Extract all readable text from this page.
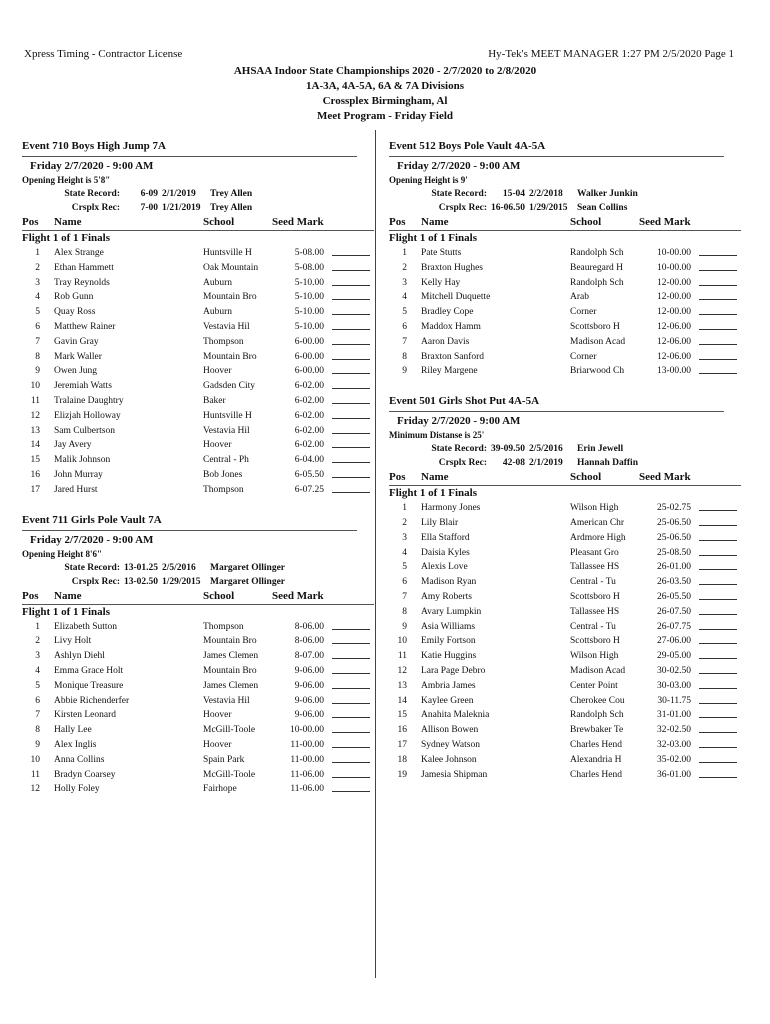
Xpress Timing - Contractor License	Hy-Tek's MEET MANAGER 1:27 PM 2/5/2020 Page 1
AHSAA Indoor State Championships 2020 - 2/7/2020 to 2/8/2020
1A-3A, 4A-5A, 6A & 7A Divisions
Crossplex Birmingham, Al
Meet Program - Friday Field
Event 710 Boys High Jump 7A
Friday 2/7/2020 - 9:00 AM
Opening Height is 5'8"
State Record:	6-09 2/1/2019 Trey Allen
Crsplx Rec:	7-00 1/21/2019 Trey Allen
Pos Name	School	Seed Mark
Flight 1 of 1 Finals
1 Alex Strange	Huntsville H	5-08.00
2 Ethan Hammett	Oak Mountain	5-08.00
3 Tray Reynolds	Auburn	5-10.00
4 Rob Gunn	Mountain Bro	5-10.00
5 Quay Ross	Auburn	5-10.00
6 Matthew Rainer	Vestavia Hil	5-10.00
7 Gavin Gray	Thompson	6-00.00
8 Mark Waller	Mountain Bro	6-00.00
9 Owen Jung	Hoover	6-00.00
10 Jeremiah Watts	Gadsden City	6-02.00
11 Tralaine Daughtry	Baker	6-02.00
12 Elizjah Holloway	Huntsville H	6-02.00
13 Sam Culbertson	Vestavia Hil	6-02.00
14 Jay Avery	Hoover	6-02.00
15 Malik Johnson	Central - Ph	6-04.00
16 John Murray	Bob Jones	6-05.50
17 Jared Hurst	Thompson	6-07.25
Event 711 Girls Pole Vault 7A
Friday 2/7/2020 - 9:00 AM
Opening Height 8'6"
State Record: 13-01.25 2/5/2016 Margaret Ollinger
Crsplx Rec: 13-02.50 1/29/2015 Margaret Ollinger
Pos Name	School	Seed Mark
Flight 1 of 1 Finals
1 Elizabeth Sutton	Thompson	8-06.00
2 Livy Holt	Mountain Bro	8-06.00
3 Ashlyn Diehl	James Clemen	8-07.00
4 Emma Grace Holt	Mountain Bro	9-06.00
5 Monique Treasure	James Clemen	9-06.00
6 Abbie Richenderfer	Vestavia Hil	9-06.00
7 Kirsten Leonard	Hoover	9-06.00
8 Hally Lee	McGill-Toole	10-00.00
9 Alex Inglis	Hoover	11-00.00
10 Anna Collins	Spain Park	11-00.00
11 Bradyn Coarsey	McGill-Toole	11-06.00
12 Holly Foley	Fairhope	11-06.00
Event 512 Boys Pole Vault 4A-5A
Friday 2/7/2020 - 9:00 AM
Opening Height is 9'
State Record:	15-04 2/2/2018 Walker Junkin
Crsplx Rec: 16-06.50 1/29/2015 Sean Collins
Pos Name	School	Seed Mark
Flight 1 of 1 Finals
1 Pate Stutts	Randolph Sch	10-00.00
2 Braxton Hughes	Beauregard H	10-00.00
3 Kelly Hay	Randolph Sch	12-00.00
4 Mitchell Duquette	Arab	12-00.00
5 Bradley Cope	Corner	12-00.00
6 Maddox Hamm	Scottsboro H	12-06.00
7 Aaron Davis	Madison Acad	12-06.00
8 Braxton Sanford	Corner	12-06.00
9 Riley Margene	Briarwood Ch	13-00.00
Event 501 Girls Shot Put 4A-5A
Friday 2/7/2020 - 9:00 AM
Minimum Distanse is 25'
State Record: 39-09.50 2/5/2016 Erin Jewell
Crsplx Rec:	42-08 2/1/2019 Hannah Daffin
Pos Name	School	Seed Mark
Flight 1 of 1 Finals
1 Harmony Jones	Wilson High	25-02.75
2 Lily Blair	American Chr	25-06.50
3 Ella Stafford	Ardmore High	25-06.50
4 Daisia Kyles	Pleasant Gro	25-08.50
5 Alexis Love	Tallassee HS	26-01.00
6 Madison Ryan	Central - Tu	26-03.50
7 Amy Roberts	Scottsboro H	26-05.50
8 Avary Lumpkin	Tallassee HS	26-07.50
9 Asia Williams	Central - Tu	26-07.75
10 Emily Fortson	Scottsboro H	27-06.00
11 Katie Huggins	Wilson High	29-05.00
12 Lara Page Debro	Madison Acad	30-02.50
13 Ambria James	Center Point	30-03.00
14 Kaylee Green	Cherokee Cou	30-11.75
15 Anahita Maleknia	Randolph Sch	31-01.00
16 Allison Bowen	Brewbaker Te	32-02.50
17 Sydney Watson	Charles Hend	32-03.00
18 Kalee Johnson	Alexandria H	35-02.00
19 Jamesia Shipman	Charles Hend	36-01.00
